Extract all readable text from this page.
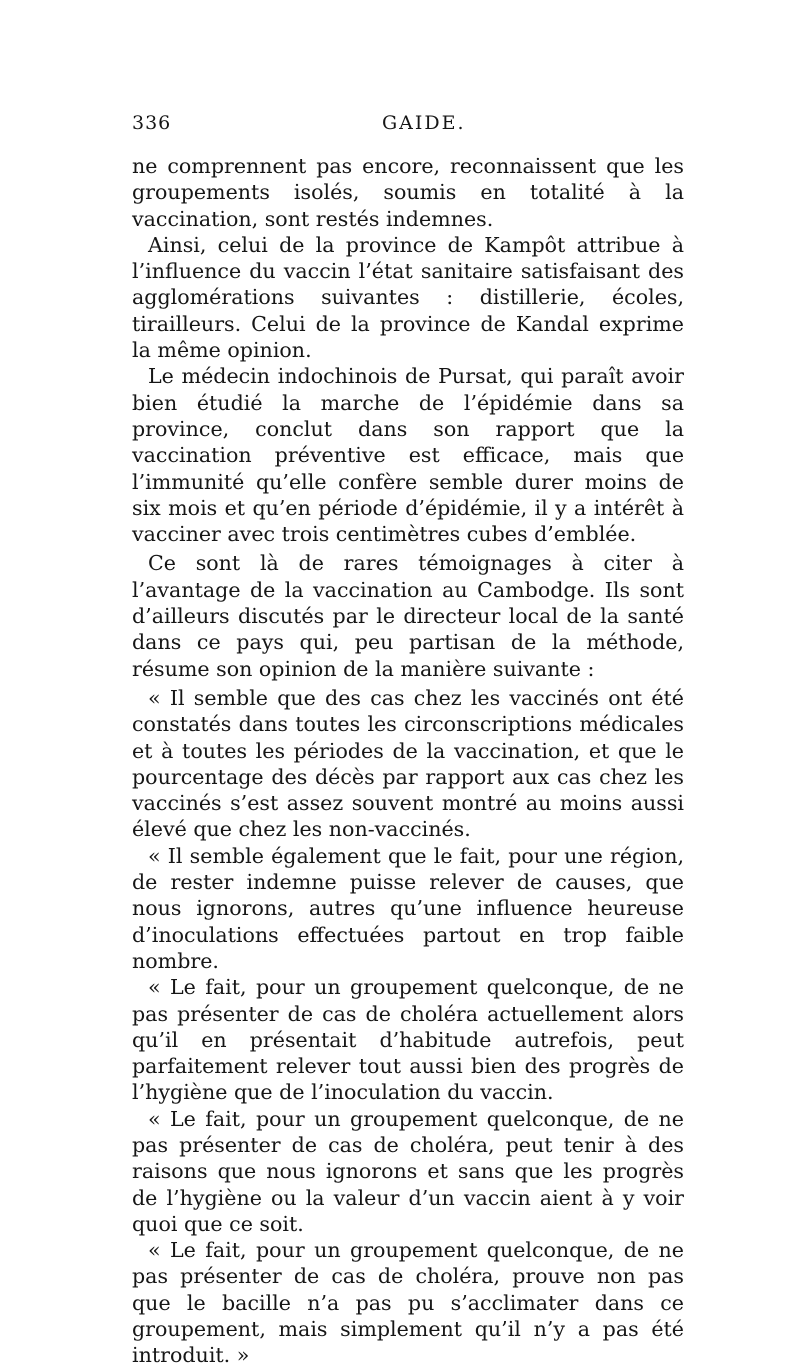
336	GAIDE.

ne comprennent pas encore, reconnaissent que les groupements isolés, soumis en totalité à la vaccination, sont restés indemnes.

Ainsi, celui de la province de Kampôt attribue à l’influence du vaccin l’état sanitaire satisfaisant des agglomérations suivantes : distillerie, écoles, tirailleurs. Celui de la province de Kandal exprime la même opinion.

Le médecin indochinois de Pursat, qui paraît avoir bien étudié la marche de l’épidémie dans sa province, conclut dans son rapport que la vaccination préventive est efficace, mais que l’immunité qu’elle confère semble durer moins de six mois et qu’en période d’épidémie, il y a intérêt à vacciner avec trois centimètres cubes d’emblée.

Ce sont là de rares témoignages à citer à l’avantage de la vaccination au Cambodge. Ils sont d’ailleurs discutés par le directeur local de la santé dans ce pays qui, peu partisan de la méthode, résume son opinion de la manière suivante :

« Il semble que des cas chez les vaccinés ont été constatés dans toutes les circonscriptions médicales et à toutes les périodes de la vaccination, et que le pourcentage des décès par rapport aux cas chez les vaccinés s’est assez souvent montré au moins aussi élevé que chez les non-vaccinés.

« Il semble également que le fait, pour une région, de rester indemne puisse relever de causes, que nous ignorons, autres qu’une influence heureuse d’inoculations effectuées partout en trop faible nombre.

« Le fait, pour un groupement quelconque, de ne pas présenter de cas de choléra actuellement alors qu’il en présentait d’habitude autrefois, peut parfaitement relever tout aussi bien des progrès de l’hygiène que de l’inoculation du vaccin.

« Le fait, pour un groupement quelconque, de ne pas présenter de cas de choléra, peut tenir à des raisons que nous ignorons et sans que les progrès de l’hygiène ou la valeur d’un vaccin aient à y voir quoi que ce soit.

« Le fait, pour un groupement quelconque, de ne pas présenter de cas de choléra, prouve non pas que le bacille n’a pas pu s’acclimater dans ce groupement, mais simplement qu’il n’y a pas été introduit. »
